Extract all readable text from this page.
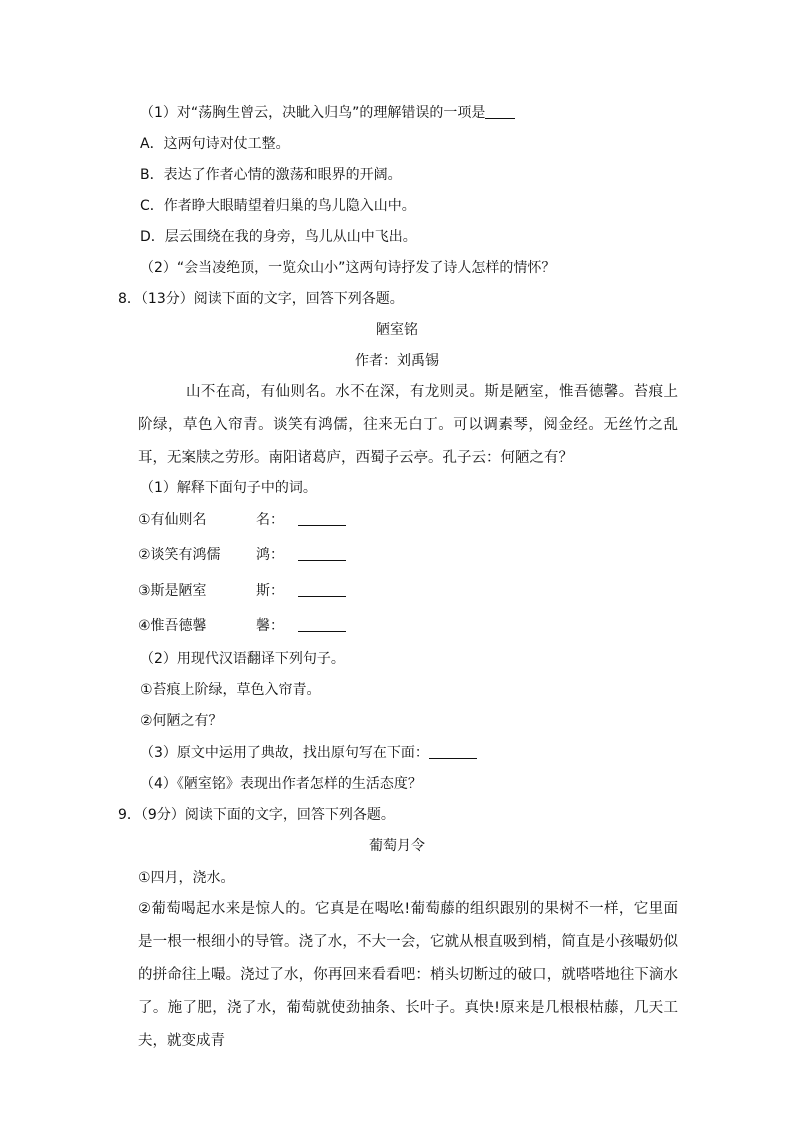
（1）对“荡胸生曾云，决眦入归鸟”的理解错误的一项是
A．这两句诗对仗工整。
B．表达了作者心情的激荡和眼界的开阔。
C．作者睁大眼睛望着归巢的鸟儿隐入山中。
D．层云围绕在我的身旁，鸟儿从山中飞出。
（2）“会当凌绝顶，一览众山小”这两句诗抒发了诗人怎样的情怀？
8．（13分）阅读下面的文字，回答下列各题。
陋室铭
作者：刘禹锡
山不在高，有仙则名。水不在深，有龙则灵。斯是陋室，惟吾德馨。苔痕上阶绿，草色入帘青。谈笑有鸿儒，往来无白丁。可以调素琴，阅金经。无丝竹之乱耳，无案牍之劳形。南阳诸葛庐，西蜀子云亭。孔子云：何陋之有？
（1）解释下面句子中的词。
①有仙则名	名：
②谈笑有鸿儒	鸿：
③斯是陋室	斯：
④惟吾德馨	馨：
（2）用现代汉语翻译下列句子。
①苔痕上阶绿，草色入帘青。
②何陋之有？
（3）原文中运用了典故，找出原句写在下面：
（4）《陋室铭》表现出作者怎样的生活态度？
9．（9分）阅读下面的文字，回答下列各题。
葡萄月令
①四月，浇水。
②葡萄喝起水来是惊人的。它真是在喝吆!葡萄藤的组织跟别的果树不一样，它里面是一根一根细小的导管。浇了水，不大一会，它就从根直吸到梢，简直是小孩嘬奶似的拼命往上嘬。浇过了水，你再回来看看吧：梢头切断过的破口，就嗒嗒地往下滴水了。施了肥，浇了水，葡萄就使劲抽条、长叶子。真快!原来是几根根枯藤，几天工夫，就变成青
